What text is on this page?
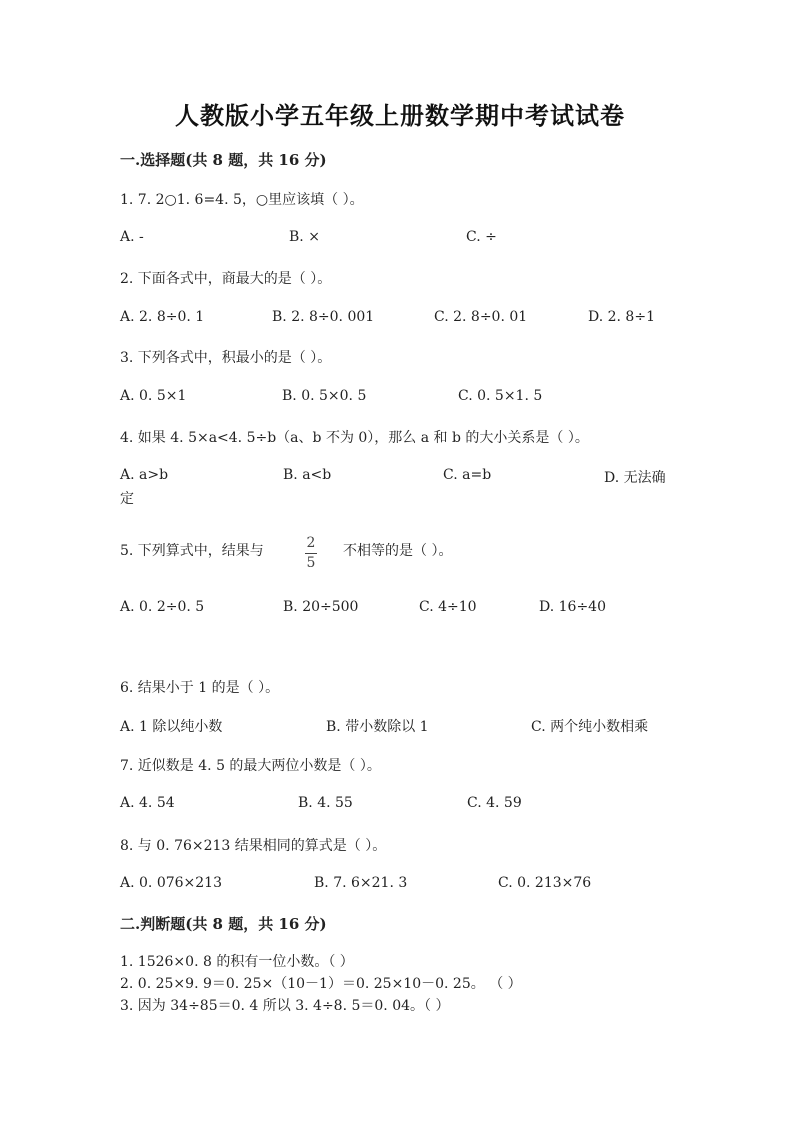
人教版小学五年级上册数学期中考试试卷
一.选择题(共 8 题，共 16 分)
1. 7. 2○1. 6=4. 5，○里应该填（ ）。
A. -	B. ×	C. ÷
2. 下面各式中，商最大的是（ ）。
A. 2. 8÷0. 1	B. 2. 8÷0. 001	C. 2. 8÷0. 01	D. 2. 8÷1
3. 下列各式中，积最小的是（ ）。
A. 0. 5×1	B. 0. 5×0. 5	C. 0. 5×1. 5
4. 如果 4. 5×a<4. 5÷b（a、b 不为 0），那么 a 和 b 的大小关系是（ ）。
A. a>b	B. a<b	C. a=b	D. 无法确
定
5. 下列算式中，结果与	$\frac{2}{5}$ 不相等的是（ ）。
A. 0. 2÷0. 5	B. 20÷500	C. 4÷10	D. 16÷40
6. 结果小于 1 的是（ ）。
A. 1 除以纯小数	B. 带小数除以 1	C. 两个纯小数相乘
7. 近似数是 4. 5 的最大两位小数是（ ）。
A. 4. 54	B. 4. 55	C. 4. 59
8. 与 0. 76×213 结果相同的算式是（ ）。
A. 0. 076×213	B. 7. 6×21. 3	C. 0. 213×76
二.判断题(共 8 题，共 16 分)
1. 1526×0. 8 的积有一位小数。（ ）
2. 0. 25×9. 9＝0. 25×（10－1）＝0. 25×10－0. 25。 （ ）
3. 因为 34÷85＝0. 4 所以 3. 4÷8. 5＝0. 04。（ ）
